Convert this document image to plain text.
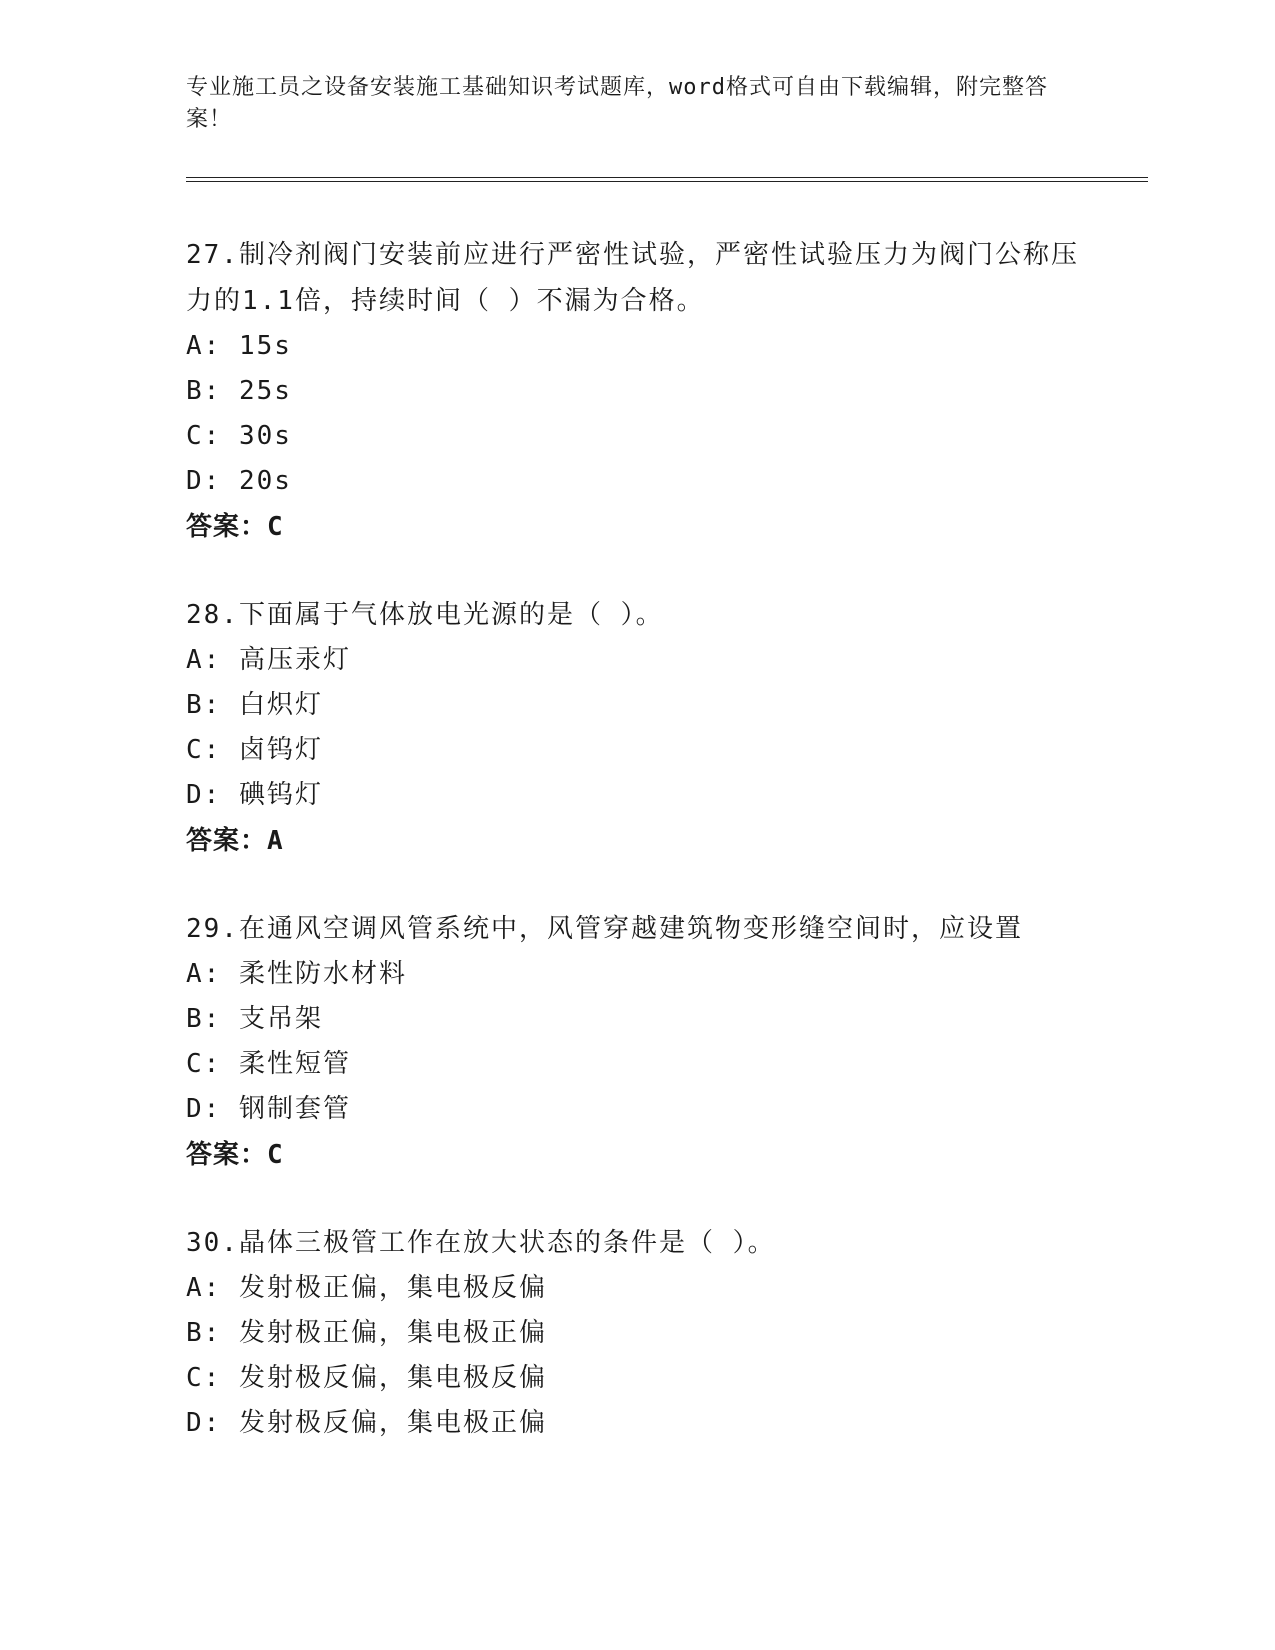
专业施工员之设备安装施工基础知识考试题库，word格式可自由下载编辑，附完整答案！
27.制冷剂阀门安装前应进行严密性试验，严密性试验压力为阀门公称压力的1.1倍，持续时间（ ）不漏为合格。
A: 15s
B: 25s
C: 30s
D: 20s
答案：C
28.下面属于气体放电光源的是（ ）。
A: 高压汞灯
B: 白炽灯
C: 卤钨灯
D: 碘钨灯
答案：A
29.在通风空调风管系统中，风管穿越建筑物变形缝空间时，应设置
A: 柔性防水材料
B: 支吊架
C: 柔性短管
D: 钢制套管
答案：C
30.晶体三极管工作在放大状态的条件是（ ）。
A: 发射极正偏，集电极反偏
B: 发射极正偏，集电极正偏
C: 发射极反偏，集电极反偏
D: 发射极反偏，集电极正偏
